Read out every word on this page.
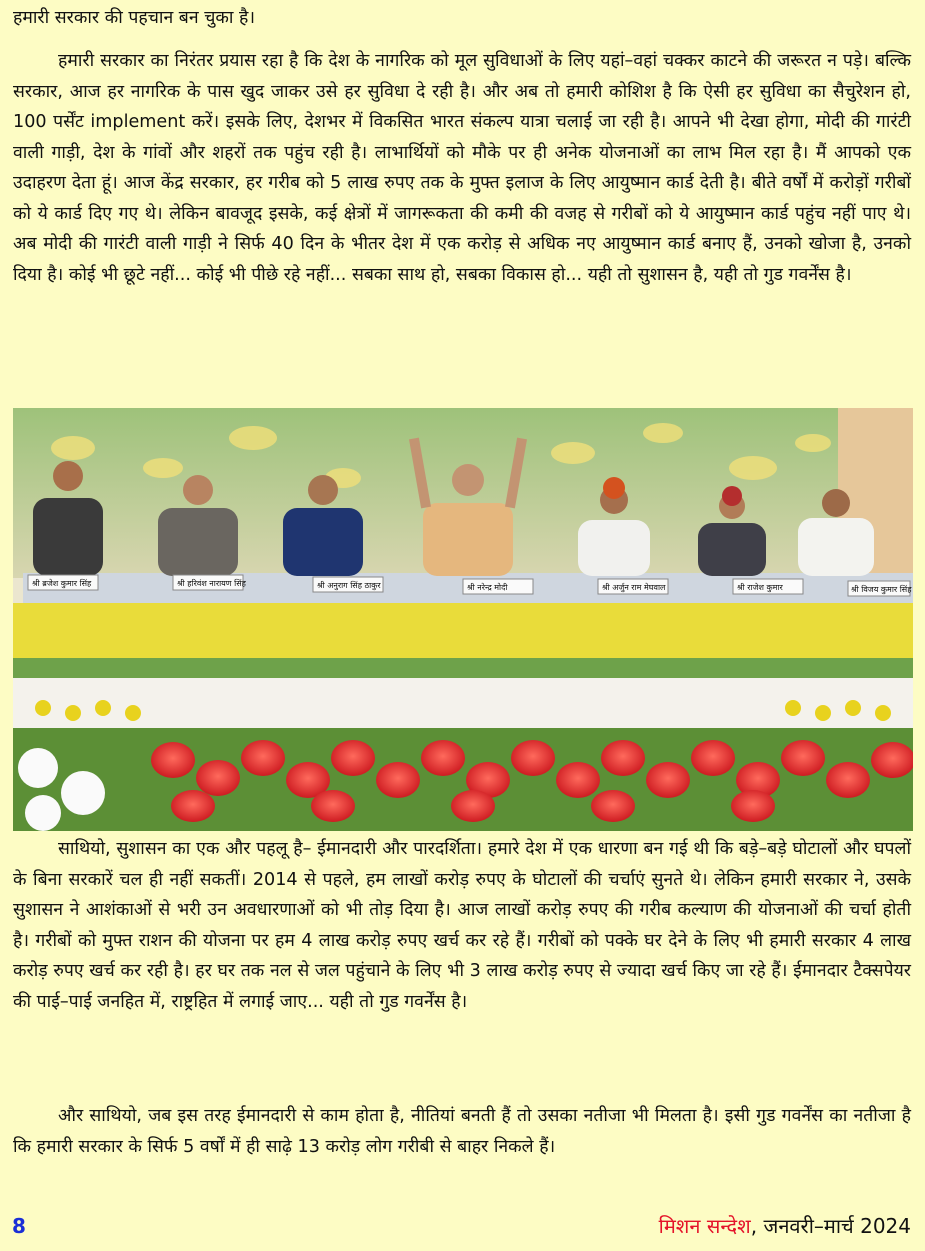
हमारी सरकार की पहचान बन चुका है।

हमारी सरकार का निरंतर प्रयास रहा है कि देश के नागरिक को मूल सुविधाओं के लिए यहां–वहां चक्कर काटने की जरूरत न पड़े। बल्कि सरकार, आज हर नागरिक के पास खुद जाकर उसे हर सुविधा दे रही है। और अब तो हमारी कोशिश है कि ऐसी हर सुविधा का सैचुरेशन हो, 100 पर्सेंट implement करें। इसके लिए, देशभर में विकसित भारत संकल्प यात्रा चलाई जा रही है। आपने भी देखा होगा, मोदी की गारंटी वाली गाड़ी, देश के गांवों और शहरों तक पहुंच रही है। लाभार्थियों को मौके पर ही अनेक योजनाओं का लाभ मिल रहा है। मैं आपको एक उदाहरण देता हूं। आज केंद्र सरकार, हर गरीब को 5 लाख रुपए तक के मुफ्त इलाज के लिए आयुष्मान कार्ड देती है। बीते वर्षों में करोड़ों गरीबों को ये कार्ड दिए गए थे। लेकिन बावजूद इसके, कई क्षेत्रों में जागरूकता की कमी की वजह से गरीबों को ये आयुष्मान कार्ड पहुंच नहीं पाए थे। अब मोदी की गारंटी वाली गाड़ी ने सिर्फ 40 दिन के भीतर देश में एक करोड़ से अधिक नए आयुष्मान कार्ड बनाए हैं, उनको खोजा है, उनको दिया है। कोई भी छूटे नहीं... कोई भी पीछे रहे नहीं... सबका साथ हो, सबका विकास हो... यही तो सुशासन है, यही तो गुड गवर्नेंस है।

श्री ब्रजेश कुमार सिंह	श्री हरिवंश नारायण सिंह	श्री अनुराग सिंह ठाकुर	श्री नरेन्द्र मोदी	श्री अर्जुन राम मेघवाल	श्री राजेश कुमार	श्री विजय कुमार सिंह

साथियो, सुशासन का एक और पहलू है– ईमानदारी और पारदर्शिता। हमारे देश में एक धारणा बन गई थी कि बड़े–बड़े घोटालों और घपलों के बिना सरकारें चल ही नहीं सकतीं। 2014 से पहले, हम लाखों करोड़ रुपए के घोटालों की चर्चाएं सुनते थे। लेकिन हमारी सरकार ने, उसके सुशासन ने आशंकाओं से भरी उन अवधारणाओं को भी तोड़ दिया है। आज लाखों करोड़ रुपए की गरीब कल्याण की योजनाओं की चर्चा होती है। गरीबों को मुफ्त राशन की योजना पर हम 4 लाख करोड़ रुपए खर्च कर रहे हैं। गरीबों को पक्के घर देने के लिए भी हमारी सरकार 4 लाख करोड़ रुपए खर्च कर रही है। हर घर तक नल से जल पहुंचाने के लिए भी 3 लाख करोड़ रुपए से ज्यादा खर्च किए जा रहे हैं। ईमानदार टैक्सपेयर की पाई–पाई जनहित में, राष्ट्रहित में लगाई जाए... यही तो गुड गवर्नेंस है।

और साथियो, जब इस तरह ईमानदारी से काम होता है, नीतियां बनती हैं तो उसका नतीजा भी मिलता है। इसी गुड गवर्नेंस का नतीजा है कि हमारी सरकार के सिर्फ 5 वर्षों में ही साढ़े 13 करोड़ लोग गरीबी से बाहर निकले हैं।

8	मिशन सन्देश, जनवरी–मार्च 2024
